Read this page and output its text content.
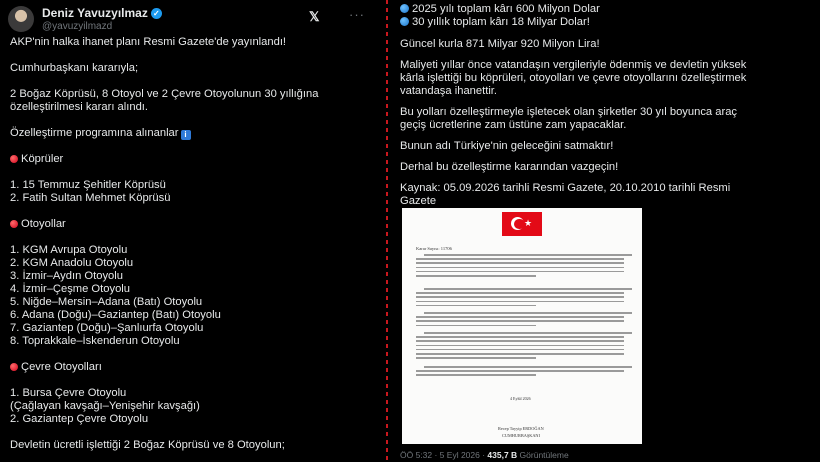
Deniz Yavuzyılmaz ✓
@yavuzyilmazd
𝕏 ···
AKP'nin halka ihanet planı Resmi Gazete'de yayınlandı!
Cumhurbaşkanı kararıyla;
2 Boğaz Köprüsü, 8 Otoyol ve 2 Çevre Otoyolunun 30 yıllığına
özelleştirilmesi kararı alındı.
Özelleştirme programına alınanlar i
Köprüler
1. 15 Temmuz Şehitler Köprüsü
2. Fatih Sultan Mehmet Köprüsü
Otoyollar
1. KGM Avrupa Otoyolu
2. KGM Anadolu Otoyolu
3. İzmir–Aydın Otoyolu
4. İzmir–Çeşme Otoyolu
5. Niğde–Mersin–Adana (Batı) Otoyolu
6. Adana (Doğu)–Gaziantep (Batı) Otoyolu
7. Gaziantep (Doğu)–Şanlıurfa Otoyolu
8. Toprakkale–İskenderun Otoyolu
Çevre Otoyolları
1. Bursa Çevre Otoyolu
(Çağlayan kavşağı–Yenişehir kavşağı)
2. Gaziantep Çevre Otoyolu
Devletin ücretli işlettiği 2 Boğaz Köprüsü ve 8 Otoyolun;
2025 yılı toplam kârı 600 Milyon Dolar
30 yıllık toplam kârı 18 Milyar Dolar!
Güncel kurla 871 Milyar 920 Milyon Lira!
Maliyeti yıllar önce vatandaşın vergileriyle ödenmiş ve devletin yüksek
kârla işlettiği bu köprüleri, otoyolları ve çevre otoyollarını özelleştirmek
vatandaşa ihanettir.
Bu yolları özelleştirmeyle işletecek olan şirketler 30 yıl boyunca araç
geçiş ücretlerine zam üstüne zam yapacaklar.
Bunun adı Türkiye'nin geleceğini satmaktır!
Derhal bu özelleştirme kararından vazgeçin!
Kaynak: 05.09.2026 tarihli Resmi Gazete, 20.10.2010 tarihli Resmi
Gazete
★
Karar Sayısı: 11706
4 Eylül 2026
Recep Tayyip ERDOĞAN
CUMHURBAŞKANI
ÖÖ 5:32 · 5 Eyl 2026 · 435,7 B Görüntüleme
